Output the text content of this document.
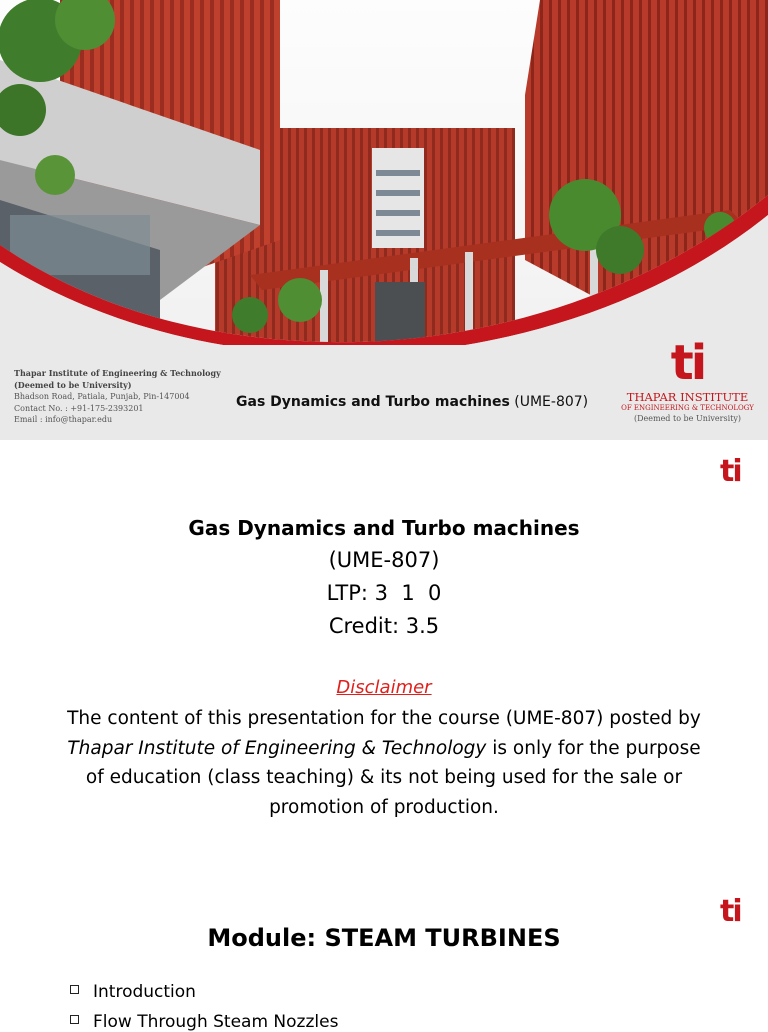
Thapar Institute of Engineering & Technology
(Deemed to be University)
Bhadson Road, Patiala, Punjab, Pin-147004
Contact No. : +91-175-2393201
Email : info@thapar.edu
Gas Dynamics and Turbo machines (UME-807)
ti
THAPAR INSTITUTE
OF ENGINEERING & TECHNOLOGY
(Deemed to be University)
ti
Gas Dynamics and Turbo machines
(UME-807)
LTP: 3  1  0
Credit: 3.5
Disclaimer
The content of this presentation for the course (UME-807) posted by Thapar Institute of Engineering & Technology is only for the purpose of education (class teaching) & its not being used for the sale or promotion of production.
ti
Module: STEAM TURBINES
Introduction
Flow Through Steam Nozzles
